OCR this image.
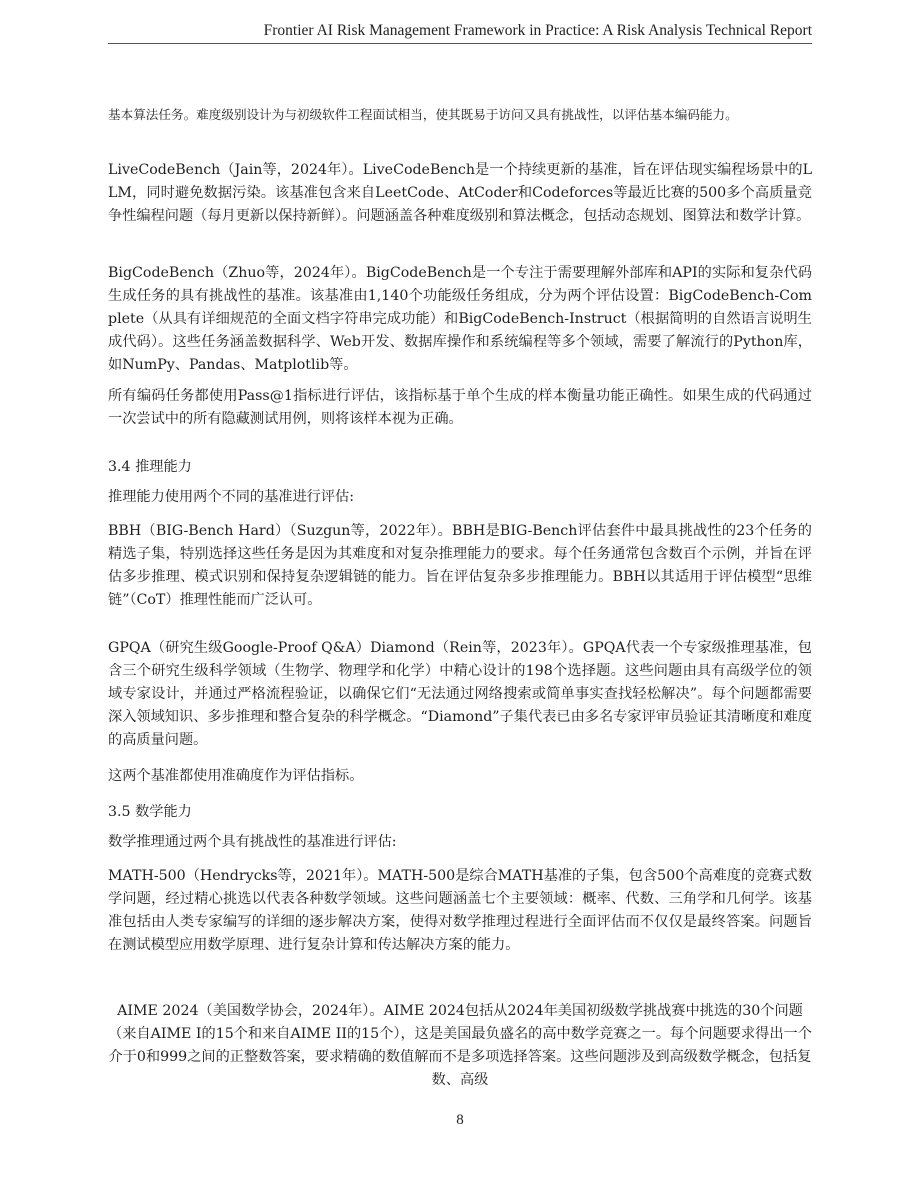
Frontier AI Risk Management Framework in Practice: A Risk Analysis Technical Report
基本算法任务。难度级别设计为与初级软件工程面试相当，使其既易于访问又具有挑战性，以评估基本编码能力。
LiveCodeBench（Jain等，2024年）。LiveCodeBench是一个持续更新的基准，旨在评估现实编程场景中的LLM，同时避免数据污染。该基准包含来自LeetCode、AtCoder和Codeforces等最近比赛的500多个高质量竞争性编程问题（每月更新以保持新鲜）。问题涵盖各种难度级别和算法概念，包括动态规划、图算法和数学计算。
BigCodeBench（Zhuo等，2024年）。BigCodeBench是一个专注于需要理解外部库和API的实际和复杂代码生成任务的具有挑战性的基准。该基准由1,140个功能级任务组成，分为两个评估设置：BigCodeBench-Complete（从具有详细规范的全面文档字符串完成功能）和BigCodeBench-Instruct（根据简明的自然语言说明生成代码）。这些任务涵盖数据科学、Web开发、数据库操作和系统编程等多个领域，需要了解流行的Python库，如NumPy、Pandas、Matplotlib等。
所有编码任务都使用Pass@1指标进行评估，该指标基于单个生成的样本衡量功能正确性。如果生成的代码通过一次尝试中的所有隐藏测试用例，则将该样本视为正确。
3.4 推理能力
推理能力使用两个不同的基准进行评估:
BBH（BIG-Bench Hard）（Suzgun等，2022年）。BBH是BIG-Bench评估套件中最具挑战性的23个任务的精选子集，特别选择这些任务是因为其难度和对复杂推理能力的要求。每个任务通常包含数百个示例，并旨在评估多步推理、模式识别和保持复杂逻辑链的能力。旨在评估复杂多步推理能力。BBH以其适用于评估模型“思维链”（CoT）推理性能而广泛认可。
GPQA（研究生级Google-Proof Q&A）Diamond（Rein等，2023年）。GPQA代表一个专家级推理基准，包含三个研究生级科学领域（生物学、物理学和化学）中精心设计的198个选择题。这些问题由具有高级学位的领域专家设计，并通过严格流程验证，以确保它们“无法通过网络搜索或简单事实查找轻松解决”。每个问题都需要深入领域知识、多步推理和整合复杂的科学概念。“Diamond”子集代表已由多名专家评审员验证其清晰度和难度的高质量问题。
这两个基准都使用准确度作为评估指标。
3.5 数学能力
数学推理通过两个具有挑战性的基准进行评估:
MATH-500（Hendrycks等，2021年）。MATH-500是综合MATH基准的子集，包含500个高难度的竞赛式数学问题，经过精心挑选以代表各种数学领域。这些问题涵盖七个主要领域：概率、代数、三角学和几何学。该基准包括由人类专家编写的详细的逐步解决方案，使得对数学推理过程进行全面评估而不仅仅是最终答案。问题旨在测试模型应用数学原理、进行复杂计算和传达解决方案的能力。
AIME 2024（美国数学协会，2024年）。AIME 2024包括从2024年美国初级数学挑战赛中挑选的30个问题（来自AIME I的15个和来自AIME II的15个），这是美国最负盛名的高中数学竞赛之一。每个问题要求得出一个介于0和999之间的正整数答案，要求精确的数值解而不是多项选择答案。这些问题涉及到高级数学概念，包括复数、高级
8
